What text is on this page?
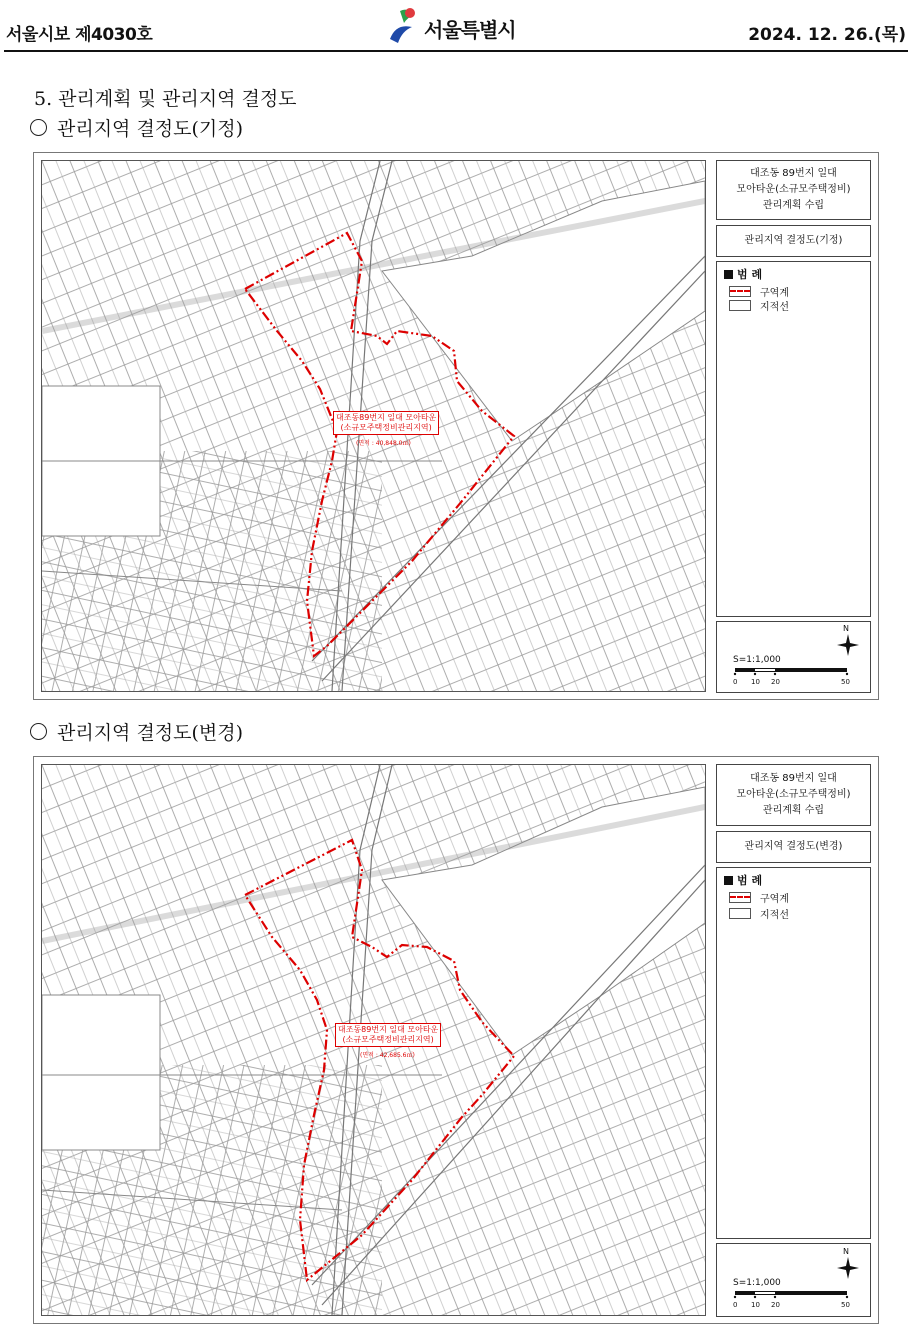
서울시보 제4030호	서울특별시	2024. 12. 26.(목)
5. 관리계획 및 관리지역 결정도
관리지역 결정도(기정)
대조동89번지 일대 모아타운
(소규모주택정비관리지역)
(면적 : 40,848.0㎡)
대조동 89번지 일대
모아타운(소규모주택정비)
관리계획 수립
관리지역 결정도(기정)
범 례
구역계
지적선
S=1:1,000
0 10 20	50
N
관리지역 결정도(변경)
대조동89번지 일대 모아타운
(소규모주택정비관리지역)
(면적 : 42,685.6㎡)
대조동 89번지 일대
모아타운(소규모주택정비)
관리계획 수립
관리지역 결정도(변경)
범 례
구역계
지적선
S=1:1,000
0 10 20	50
N
